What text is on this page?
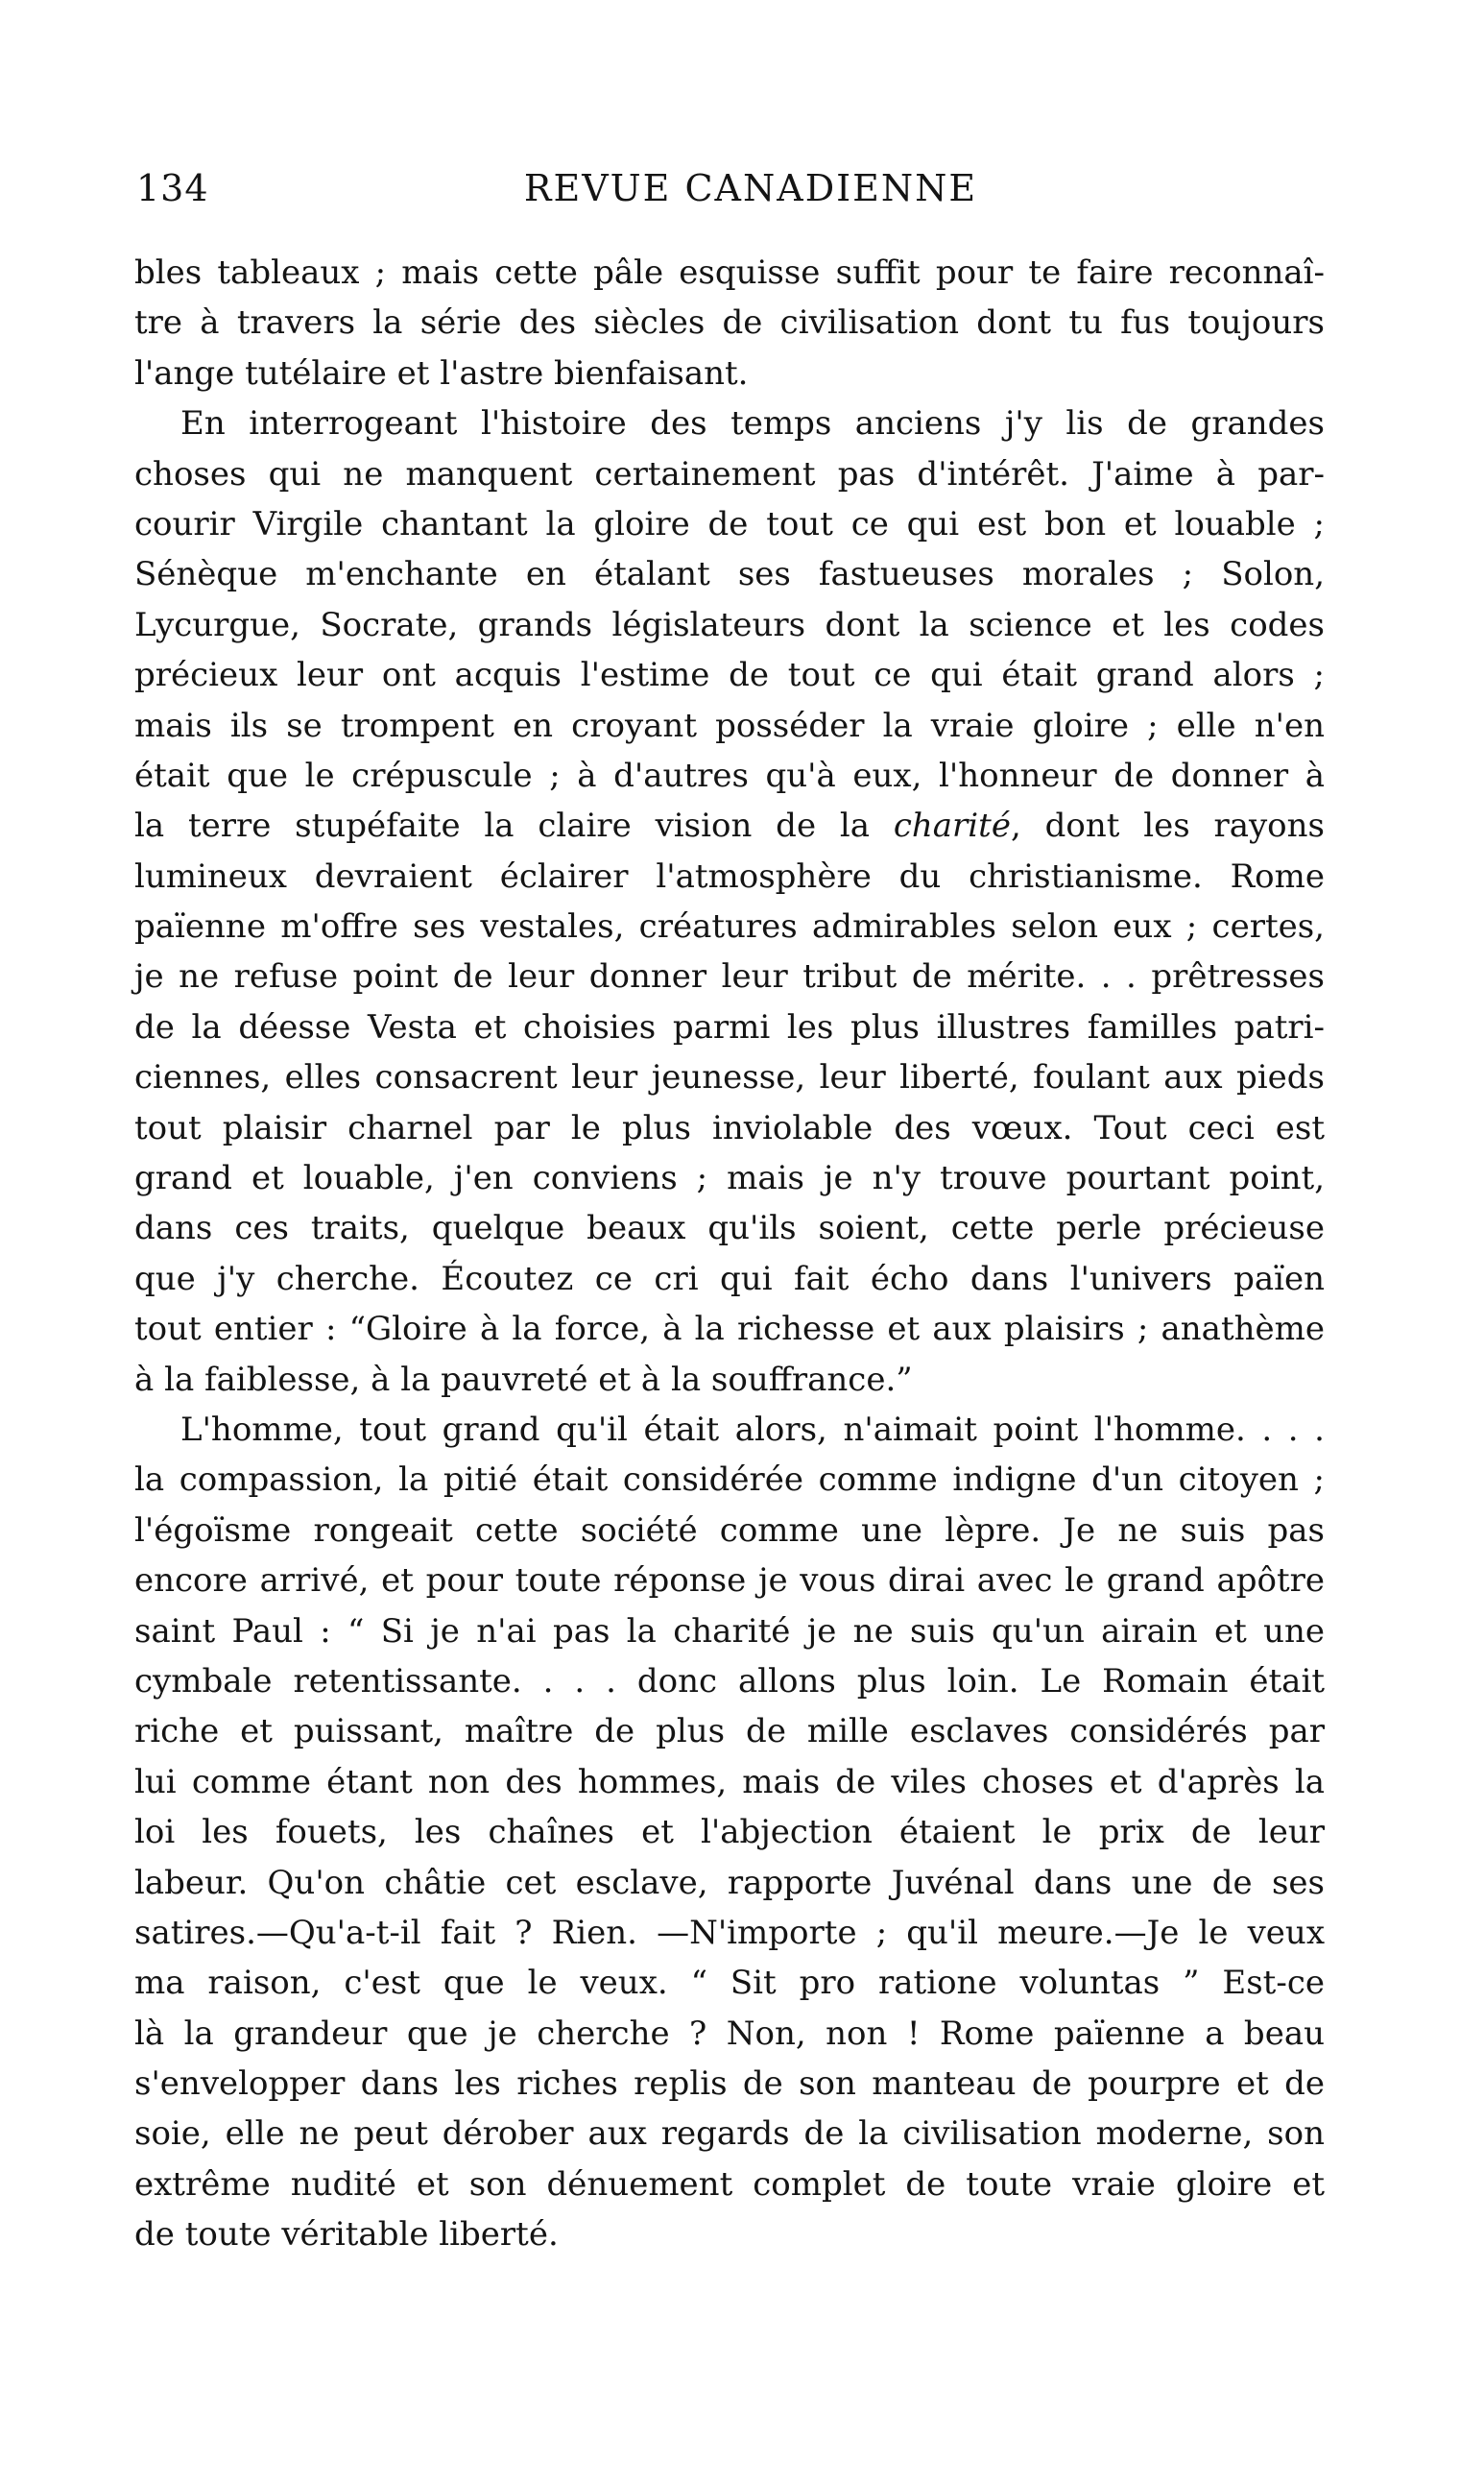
134	REVUE CANADIENNE
bles tableaux ; mais cette pâle esquisse suffit pour te faire reconnaî-
tre à travers la série des siècles de civilisation dont tu fus toujours
l'ange tutélaire et l'astre bienfaisant.
En interrogeant l'histoire des temps anciens j'y lis de grandes
choses qui ne manquent certainement pas d'intérêt. J'aime à par-
courir Virgile chantant la gloire de tout ce qui est bon et louable ;
Sénèque m'enchante en étalant ses fastueuses morales ; Solon,
Lycurgue, Socrate, grands législateurs dont la science et les codes
précieux leur ont acquis l'estime de tout ce qui était grand alors ;
mais ils se trompent en croyant posséder la vraie gloire ; elle n'en
était que le crépuscule ; à d'autres qu'à eux, l'honneur de donner à
la terre stupéfaite la claire vision de la charité, dont les rayons
lumineux devraient éclairer l'atmosphère du christianisme. Rome
païenne m'offre ses vestales, créatures admirables selon eux ; certes,
je ne refuse point de leur donner leur tribut de mérite. . . prêtresses
de la déesse Vesta et choisies parmi les plus illustres familles patri-
ciennes, elles consacrent leur jeunesse, leur liberté, foulant aux pieds
tout plaisir charnel par le plus inviolable des vœux. Tout ceci est
grand et louable, j'en conviens ; mais je n'y trouve pourtant point,
dans ces traits, quelque beaux qu'ils soient, cette perle précieuse
que j'y cherche. Écoutez ce cri qui fait écho dans l'univers païen
tout entier : “Gloire à la force, à la richesse et aux plaisirs ; anathème
à la faiblesse, à la pauvreté et à la souffrance.”
L'homme, tout grand qu'il était alors, n'aimait point l'homme. . . .
la compassion, la pitié était considérée comme indigne d'un citoyen ;
l'égoïsme rongeait cette société comme une lèpre. Je ne suis pas
encore arrivé, et pour toute réponse je vous dirai avec le grand apôtre
saint Paul : “ Si je n'ai pas la charité je ne suis qu'un airain et une
cymbale retentissante. . . . donc allons plus loin. Le Romain était
riche et puissant, maître de plus de mille esclaves considérés par
lui comme étant non des hommes, mais de viles choses et d'après la
loi les fouets, les chaînes et l'abjection étaient le prix de leur
labeur. Qu'on châtie cet esclave, rapporte Juvénal dans une de ses
satires.—Qu'a-t-il fait ? Rien. —N'importe ; qu'il meure.—Je le veux
ma raison, c'est que le veux. “ Sit pro ratione voluntas ” Est-ce
là la grandeur que je cherche ? Non, non ! Rome païenne a beau
s'envelopper dans les riches replis de son manteau de pourpre et de
soie, elle ne peut dérober aux regards de la civilisation moderne, son
extrême nudité et son dénuement complet de toute vraie gloire et
de toute véritable liberté.
